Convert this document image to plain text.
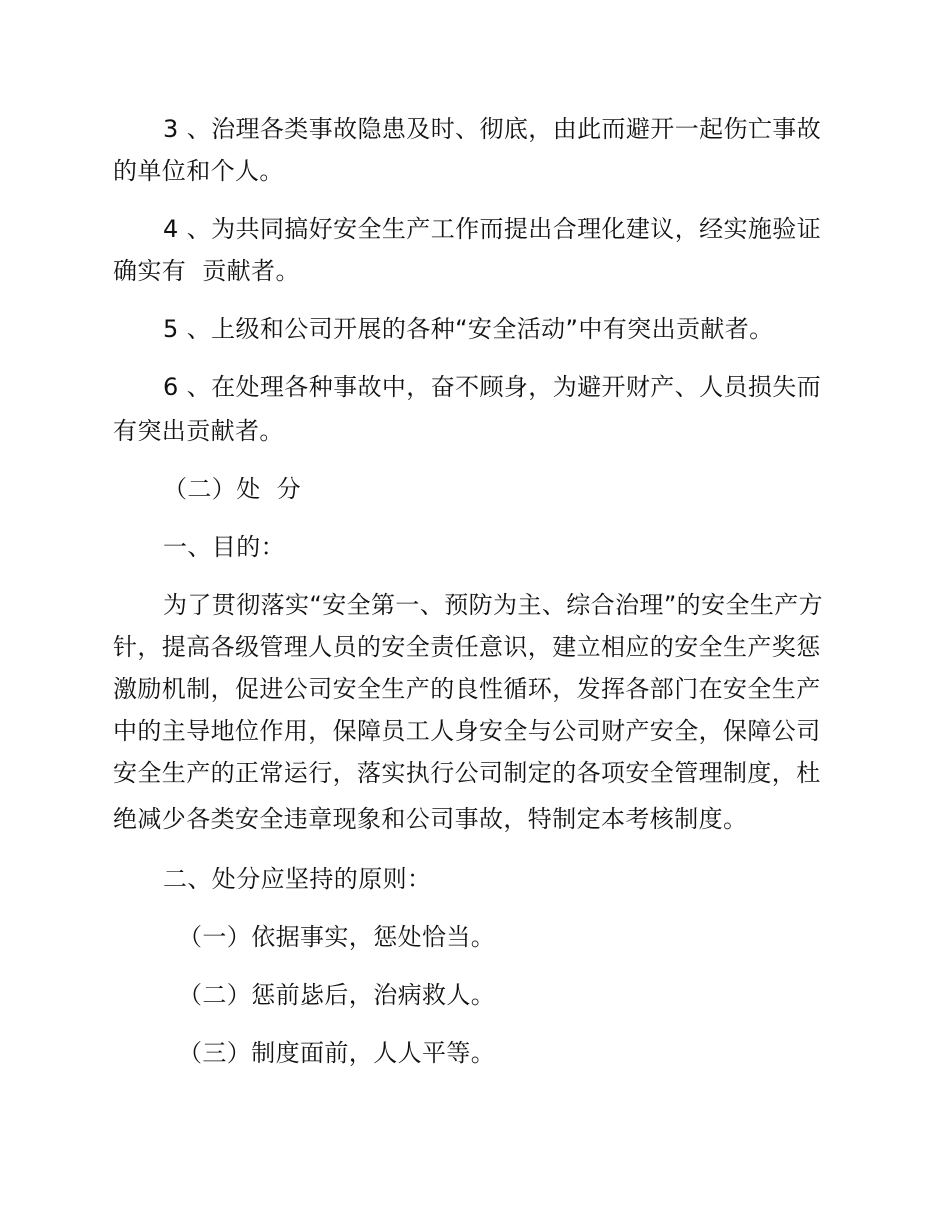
3 、治理各类事故隐患及时、彻底，由此而避开一起伤亡事故

的单位和个人。

4 、为共同搞好安全生产工作而提出合理化建议，经实施验证

确实有  贡献者。

5 、上级和公司开展的各种“安全活动”中有突出贡献者。

6 、在处理各种事故中，奋不顾身，为避开财产、人员损失而

有突出贡献者。

（二）处  分

一、目的：

为了贯彻落实“安全第一、预防为主、综合治理”的安全生产方

针，提高各级管理人员的安全责任意识，建立相应的安全生产奖惩

激励机制，促进公司安全生产的良性循环，发挥各部门在安全生产

中的主导地位作用，保障员工人身安全与公司财产安全，保障公司

安全生产的正常运行，落实执行公司制定的各项安全管理制度，杜

绝减少各类安全违章现象和公司事故，特制定本考核制度。

二、处分应坚持的原则：

（一）依据事实，惩处恰当。

（二）惩前毖后，治病救人。

（三）制度面前，人人平等。
